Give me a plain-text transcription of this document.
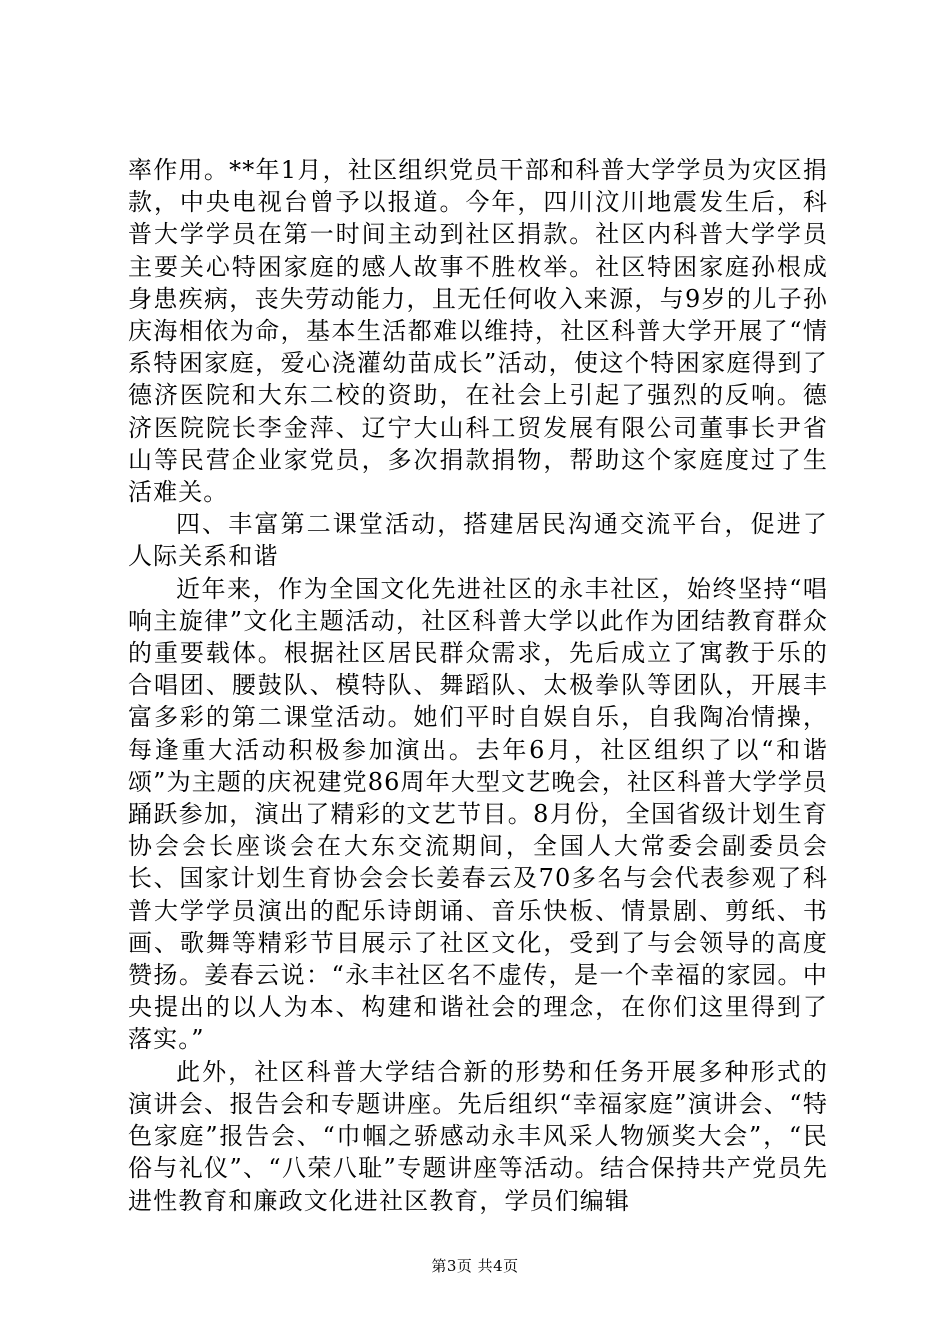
率作用。**年1月，社区组织党员干部和科普大学学员为灾区捐款，中央电视台曾予以报道。今年，四川汶川地震发生后，科普大学学员在第一时间主动到社区捐款。社区内科普大学学员主要关心特困家庭的感人故事不胜枚举。社区特困家庭孙根成身患疾病，丧失劳动能力，且无任何收入来源，与9岁的儿子孙庆海相依为命，基本生活都难以维持，社区科普大学开展了“情系特困家庭，爱心浇灌幼苗成长”活动，使这个特困家庭得到了德济医院和大东二校的资助，在社会上引起了强烈的反响。德济医院院长李金萍、辽宁大山科工贸发展有限公司董事长尹省山等民营企业家党员，多次捐款捐物，帮助这个家庭度过了生活难关。

四、丰富第二课堂活动，搭建居民沟通交流平台，促进了人际关系和谐

近年来，作为全国文化先进社区的永丰社区，始终坚持“唱响主旋律”文化主题活动，社区科普大学以此作为团结教育群众的重要载体。根据社区居民群众需求，先后成立了寓教于乐的合唱团、腰鼓队、模特队、舞蹈队、太极拳队等团队，开展丰富多彩的第二课堂活动。她们平时自娱自乐，自我陶冶情操，每逢重大活动积极参加演出。去年6月，社区组织了以“和谐颂”为主题的庆祝建党86周年大型文艺晚会，社区科普大学学员踊跃参加，演出了精彩的文艺节目。8月份，全国省级计划生育协会会长座谈会在大东交流期间，全国人大常委会副委员会长、国家计划生育协会会长姜春云及70多名与会代表参观了科普大学学员演出的配乐诗朗诵、音乐快板、情景剧、剪纸、书画、歌舞等精彩节目展示了社区文化，受到了与会领导的高度赞扬。姜春云说：“永丰社区名不虚传，是一个幸福的家园。中央提出的以人为本、构建和谐社会的理念，在你们这里得到了落实。”

此外，社区科普大学结合新的形势和任务开展多种形式的演讲会、报告会和专题讲座。先后组织“幸福家庭”演讲会、“特色家庭”报告会、“巾帼之骄感动永丰风采人物颁奖大会”，“民俗与礼仪”、“八荣八耻”专题讲座等活动。结合保持共产党员先进性教育和廉政文化进社区教育，学员们编辑

第3页 共4页
